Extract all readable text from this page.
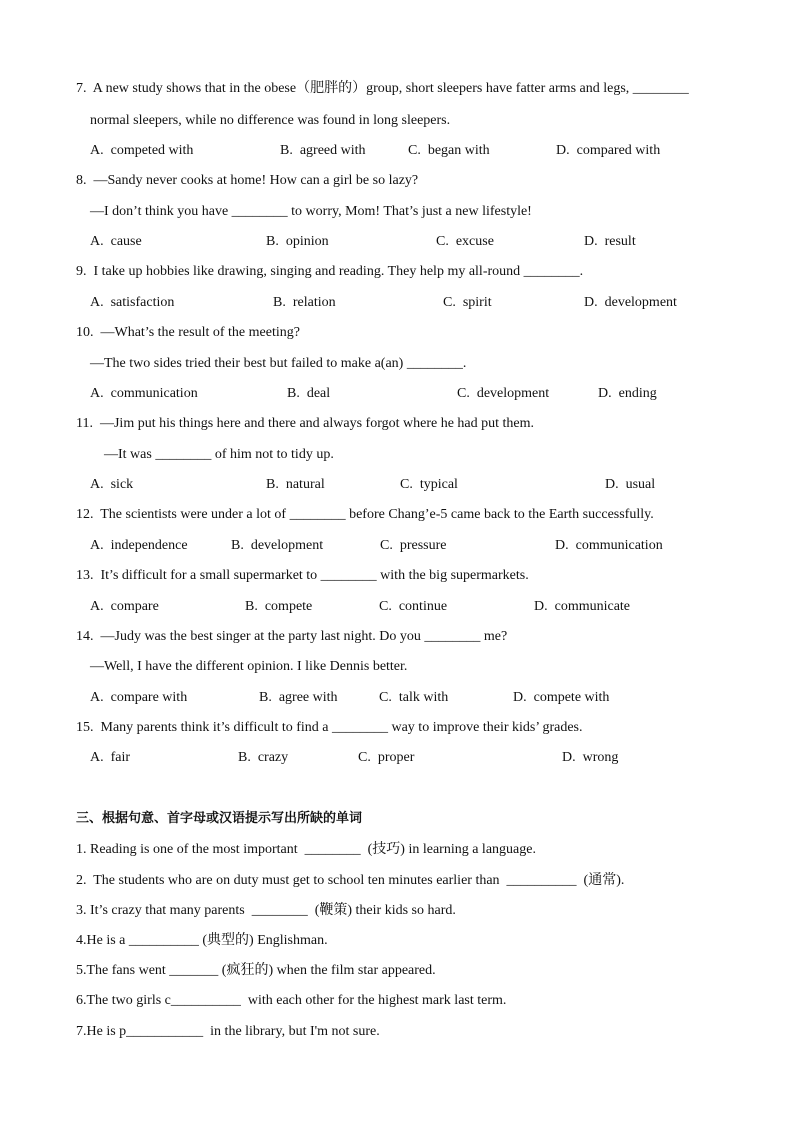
7.  A new study shows that in the obese（肥胖的）group, short sleepers have fatter arms and legs, ________
normal sleepers, while no difference was found in long sleepers.
A.  competed with	B.  agreed with	C.  began with	D.  compared with
8.  —Sandy never cooks at home! How can a girl be so lazy?
—I don’t think you have ________ to worry, Mom! That’s just a new lifestyle!
A.  cause	B.  opinion	C.  excuse	D.  result
9.  I take up hobbies like drawing, singing and reading. They help my all-round ________.
A.  satisfaction	B.  relation	C.  spirit	D.  development
10.  —What’s the result of the meeting?
—The two sides tried their best but failed to make a(an) ________.
A.  communication	B.  deal	C.  development	D.  ending
11.  —Jim put his things here and there and always forgot where he had put them.
—It was ________ of him not to tidy up.
A.  sick	B.  natural	C.  typical	D.  usual
12.  The scientists were under a lot of ________ before Chang’e-5 came back to the Earth successfully.
A.  independence	B.  development	C.  pressure	D.  communication
13.  It’s difficult for a small supermarket to ________ with the big supermarkets.
A.  compare	B.  compete	C.  continue	D.  communicate
14.  —Judy was the best singer at the party last night. Do you ________ me?
—Well, I have the different opinion. I like Dennis better.
A.  compare with	B.  agree with	C.  talk with	D.  compete with
15.  Many parents think it’s difficult to find a ________ way to improve their kids’ grades.
A.  fair	B.  crazy	C.  proper	D.  wrong
三、根据句意、首字母或汉语提示写出所缺的单词
1. Reading is one of the most important  ________  (技巧) in learning a language.
2.  The students who are on duty must get to school ten minutes earlier than  __________  (通常).
3. It’s crazy that many parents  ________  (鞭策) their kids so hard.
4.He is a __________ (典型的) Englishman.
5.The fans went _______ (疯狂的) when the film star appeared.
6.The two girls c__________  with each other for the highest mark last term.
7.He is p___________  in the library, but I'm not sure.
